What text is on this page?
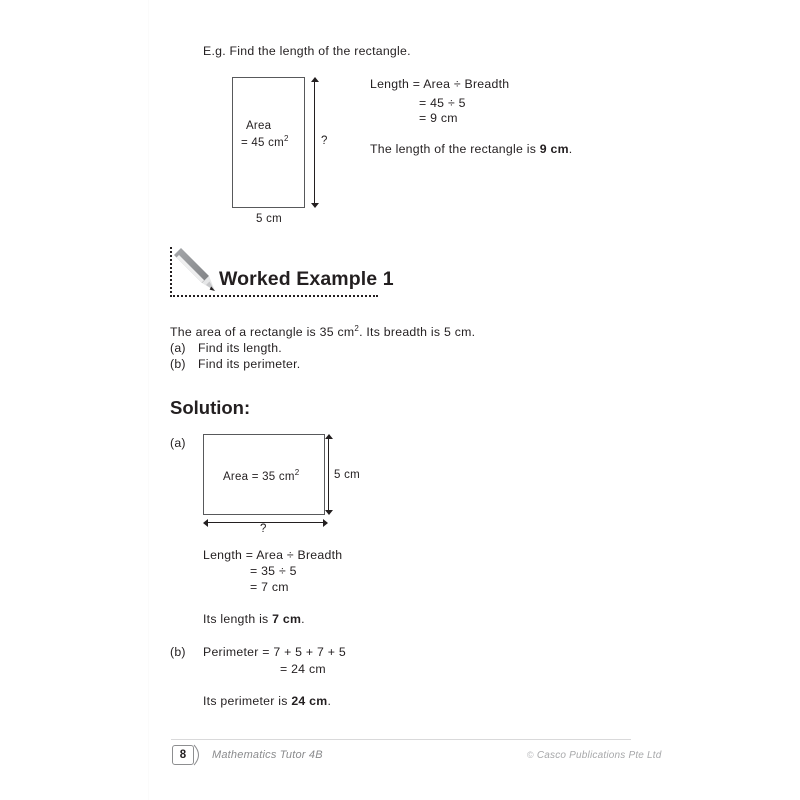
E.g. Find the length of the rectangle.
Area
= 45 $cm^2$
5 cm
?
Length = Area ÷ Breadth
= 45 ÷ 5
= 9 cm
The length of the rectangle is 9 cm.
Worked Example 1
The area of a rectangle is 35 $cm^2$. Its breadth is 5 cm.
(a) Find its length.
(b) Find its perimeter.
Solution:
(a)
Area = 35 $cm^2$	5 cm
?
Length = Area ÷ Breadth
= 35 ÷ 5
= 7 cm
Its length is 7 cm.
(b) Perimeter = 7 + 5 + 7 + 5
= 24 cm
Its perimeter is 24 cm.
8	Mathematics Tutor 4B	© Casco Publications Pte Ltd
